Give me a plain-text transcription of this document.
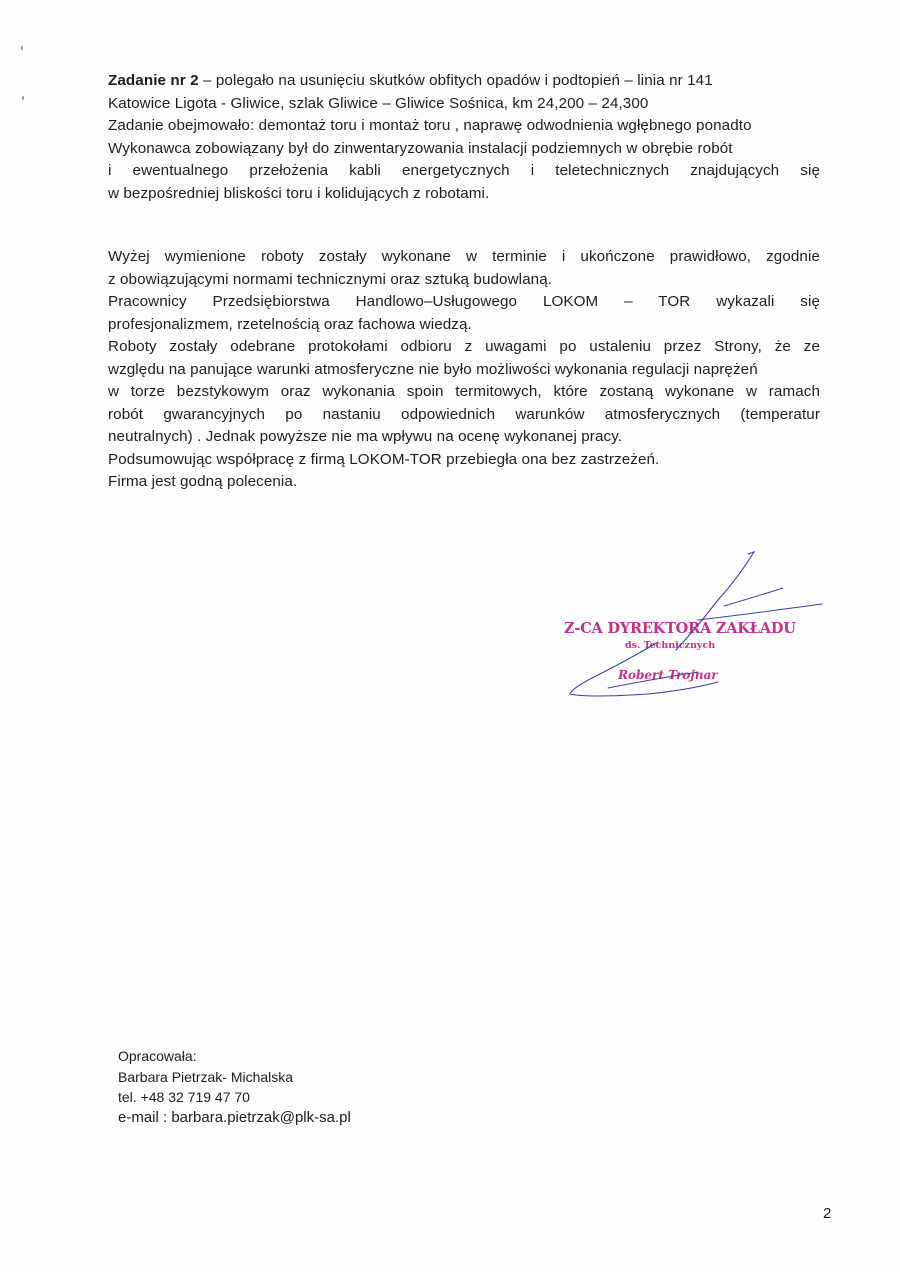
Zadanie nr 2 – polegało na usunięciu skutków obfitych opadów i podtopień – linia nr 141
Katowice Ligota - Gliwice, szlak Gliwice – Gliwice Sośnica, km 24,200 – 24,300
Zadanie obejmowało: demontaż toru i montaż toru , naprawę odwodnienia wgłębnego ponadto
Wykonawca zobowiązany był do zinwentaryzowania instalacji podziemnych w obrębie robót
i ewentualnego przełożenia kabli energetycznych i teletechnicznych znajdujących się
w bezpośredniej bliskości toru i kolidujących z robotami.
Wyżej wymienione roboty zostały wykonane w terminie i ukończone prawidłowo, zgodnie
z obowiązującymi normami technicznymi oraz sztuką budowlaną.
Pracownicy Przedsiębiorstwa Handlowo–Usługowego LOKOM – TOR wykazali się
profesjonalizmem, rzetelnością oraz fachowa wiedzą.
Roboty zostały odebrane protokołami odbioru z uwagami po ustaleniu przez Strony, że ze
względu na panujące warunki atmosferyczne nie było możliwości wykonania regulacji naprężeń
w torze bezstykowym oraz wykonania spoin termitowych, które zostaną wykonane w ramach
robót gwarancyjnych po nastaniu odpowiednich warunków atmosferycznych (temperatur
neutralnych) . Jednak powyższe nie ma wpływu na ocenę wykonanej pracy.
Podsumowując współpracę z firmą LOKOM-TOR przebiegła ona bez zastrzeżeń.
Firma jest godną polecenia.
Z-CA DYREKTORA ZAKŁADU
ds. Technicznych
Robert Trojnar
Opracowała:
Barbara Pietrzak- Michalska
tel. +48 32 719 47 70
e-mail : barbara.pietrzak@plk-sa.pl
2
